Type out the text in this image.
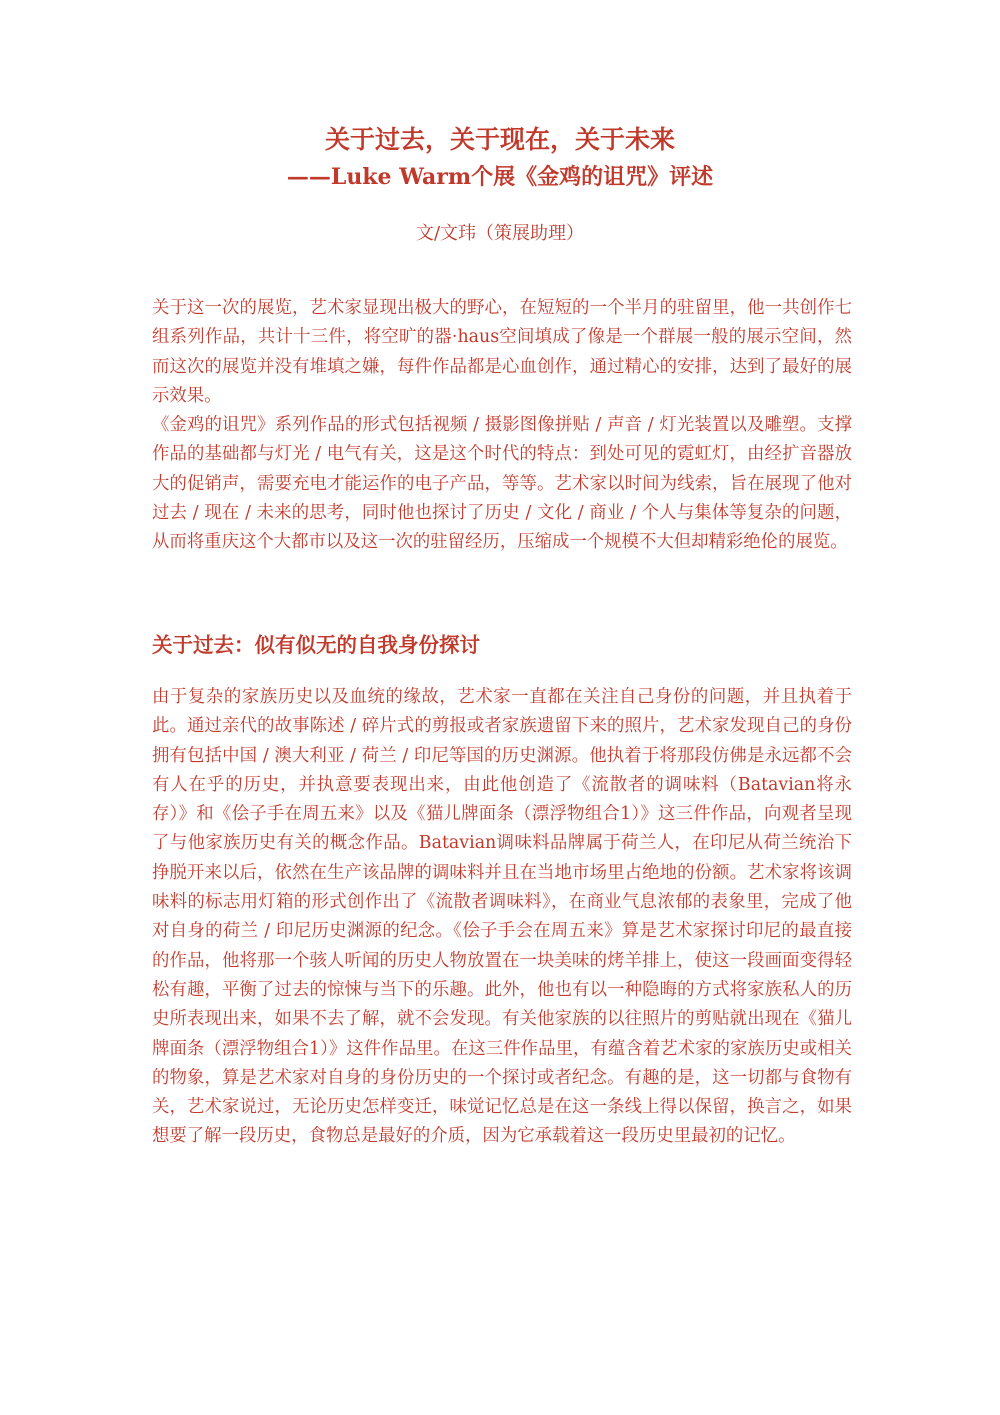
关于过去，关于现在，关于未来
——Luke Warm个展《金鸡的诅咒》评述
文/文玮（策展助理）

关于这一次的展览，艺术家显现出极大的野心，在短短的一个半月的驻留里，他一共创作七组系列作品，共计十三件，将空旷的器·haus空间填成了像是一个群展一般的展示空间，然而这次的展览并没有堆填之嫌，每件作品都是心血创作，通过精心的安排，达到了最好的展示效果。

《金鸡的诅咒》系列作品的形式包括视频 / 摄影图像拼贴 / 声音 / 灯光装置以及雕塑。支撑作品的基础都与灯光 / 电气有关，这是这个时代的特点：到处可见的霓虹灯，由经扩音器放大的促销声，需要充电才能运作的电子产品，等等。艺术家以时间为线索，旨在展现了他对过去 / 现在 / 未来的思考，同时他也探讨了历史 / 文化 / 商业 / 个人与集体等复杂的问题，从而将重庆这个大都市以及这一次的驻留经历，压缩成一个规模不大但却精彩绝伦的展览。

关于过去：似有似无的自我身份探讨

由于复杂的家族历史以及血统的缘故，艺术家一直都在关注自己身份的问题，并且执着于此。通过亲代的故事陈述 / 碎片式的剪报或者家族遗留下来的照片，艺术家发现自己的身份拥有包括中国 / 澳大利亚 / 荷兰 / 印尼等国的历史渊源。他执着于将那段仿佛是永远都不会有人在乎的历史，并执意要表现出来，由此他创造了《流散者的调味料（Batavian将永存）》和《侩子手在周五来》以及《猫儿牌面条（漂浮物组合1）》这三件作品，向观者呈现了与他家族历史有关的概念作品。Batavian调味料品牌属于荷兰人，在印尼从荷兰统治下挣脱开来以后，依然在生产该品牌的调味料并且在当地市场里占绝地的份额。艺术家将该调味料的标志用灯箱的形式创作出了《流散者调味料》，在商业气息浓郁的表象里，完成了他对自身的荷兰 / 印尼历史渊源的纪念。《侩子手会在周五来》算是艺术家探讨印尼的最直接的作品，他将那一个骇人听闻的历史人物放置在一块美味的烤羊排上，使这一段画面变得轻松有趣，平衡了过去的惊悚与当下的乐趣。此外，他也有以一种隐晦的方式将家族私人的历史所表现出来，如果不去了解，就不会发现。有关他家族的以往照片的剪贴就出现在《猫儿牌面条（漂浮物组合1）》这件作品里。在这三件作品里，有蕴含着艺术家的家族历史或相关的物象，算是艺术家对自身的身份历史的一个探讨或者纪念。有趣的是，这一切都与食物有关，艺术家说过，无论历史怎样变迁，味觉记忆总是在这一条线上得以保留，换言之，如果想要了解一段历史，食物总是最好的介质，因为它承载着这一段历史里最初的记忆。
